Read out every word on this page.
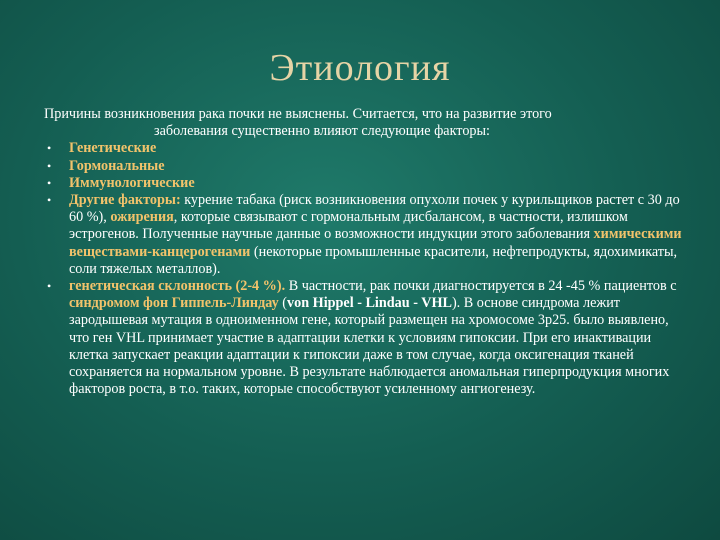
Этиология
Причины возникновения рака почки не выяснены. Считается, что на развитие этого
заболевания существенно влияют следующие факторы:
• Генетические
• Гормональные
• Иммунологические
• Другие факторы: курение табака (риск возникновения опухоли почек у курильщиков растет с 30 до 60 %), ожирения, которые связывают с гормональным дисбалансом, в частности, излишком эстрогенов. Полученные научные данные о возможности индукции этого заболевания химическими веществами-канцерогенами (некоторые промышленные красители, нефтепродукты, ядохимикаты, соли тяжелых металлов).
• генетическая склонность (2-4 %). В частности, рак почки диагностируется в 24 -45 % пациентов с синдромом фон Гиппель-Линдау (von Hippel - Lindau - VHL). В основе синдрома лежит зародышевая мутация в одноименном гене, который размещен на хромосоме 3p25. было выявлено, что ген VHL принимает участие в адаптации клетки к условиям гипоксии. При его инактивации клетка запускает реакции адаптации к гипоксии даже в том случае, когда оксигенация тканей сохраняется на нормальном уровне. В результате наблюдается аномальная гиперпродукция многих факторов роста, в т.о. таких, которые способствуют усиленному ангиогенезу.
